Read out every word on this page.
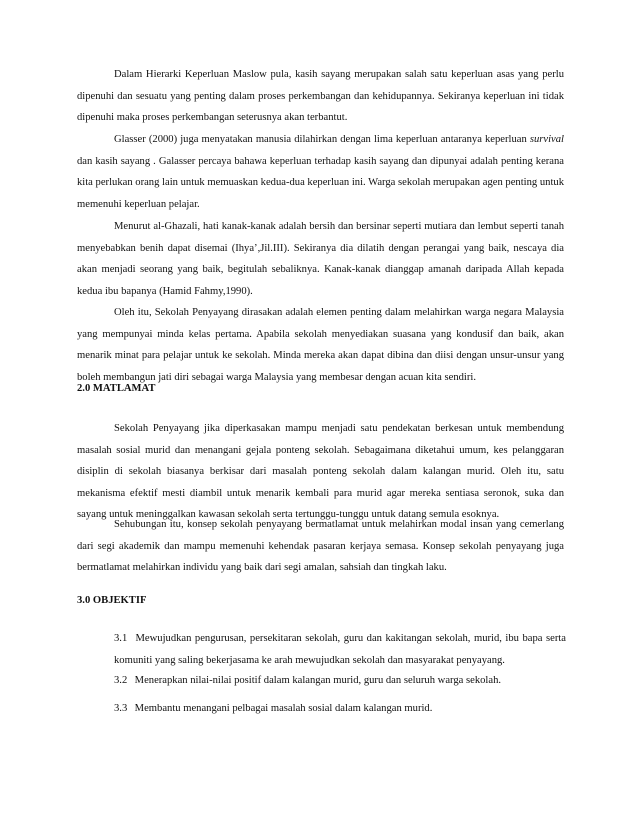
Dalam Hierarki Keperluan Maslow pula, kasih sayang merupakan salah satu keperluan asas yang perlu dipenuhi dan sesuatu yang penting dalam proses perkembangan dan kehidupannya. Sekiranya keperluan ini tidak dipenuhi maka proses perkembangan seterusnya akan terbantut.

Glasser (2000) juga menyatakan manusia dilahirkan dengan lima keperluan antaranya keperluan survival dan kasih sayang . Galasser percaya bahawa keperluan terhadap kasih sayang dan dipunyai adalah penting kerana kita perlukan orang lain untuk memuaskan kedua-dua keperluan ini. Warga sekolah merupakan agen penting untuk memenuhi keperluan pelajar.

Menurut al-Ghazali, hati kanak-kanak adalah bersih dan bersinar seperti mutiara dan lembut seperti tanah menyebabkan benih dapat disemai (Ihya’,Jil.III). Sekiranya dia dilatih dengan perangai yang baik, nescaya dia akan menjadi seorang yang baik, begitulah sebaliknya. Kanak-kanak dianggap amanah daripada Allah kepada kedua ibu bapanya (Hamid Fahmy,1990).

Oleh itu, Sekolah Penyayang dirasakan adalah elemen penting dalam melahirkan warga negara Malaysia yang mempunyai minda kelas pertama. Apabila sekolah menyediakan suasana yang kondusif dan baik, akan menarik minat para pelajar untuk ke sekolah. Minda mereka akan dapat dibina dan diisi dengan unsur-unsur yang boleh membangun jati diri sebagai warga Malaysia yang membesar dengan acuan kita sendiri.

2.0 MATLAMAT

Sekolah Penyayang jika diperkasakan mampu menjadi satu pendekatan berkesan untuk membendung masalah sosial murid dan menangani gejala ponteng sekolah. Sebagaimana diketahui umum, kes pelanggaran disiplin di sekolah biasanya berkisar dari masalah ponteng sekolah dalam kalangan murid. Oleh itu, satu mekanisma efektif mesti diambil untuk menarik kembali para murid agar mereka sentiasa seronok, suka dan sayang untuk meninggalkan kawasan sekolah serta tertunggu-tunggu untuk datang semula esoknya.

Sehubungan itu, konsep sekolah penyayang bermatlamat untuk melahirkan modal insan yang cemerlang dari segi akademik dan mampu memenuhi kehendak pasaran kerjaya semasa. Konsep sekolah penyayang juga bermatlamat melahirkan individu yang baik dari segi amalan, sahsiah dan tingkah laku.

3.0 OBJEKTIF

3.1 Mewujudkan pengurusan, persekitaran sekolah, guru dan kakitangan sekolah, murid, ibu bapa serta komuniti yang saling bekerjasama ke arah mewujudkan sekolah dan masyarakat penyayang.

3.2 Menerapkan nilai-nilai positif dalam kalangan murid, guru dan seluruh warga sekolah.

3.3 Membantu menangani pelbagai masalah sosial dalam kalangan murid.
